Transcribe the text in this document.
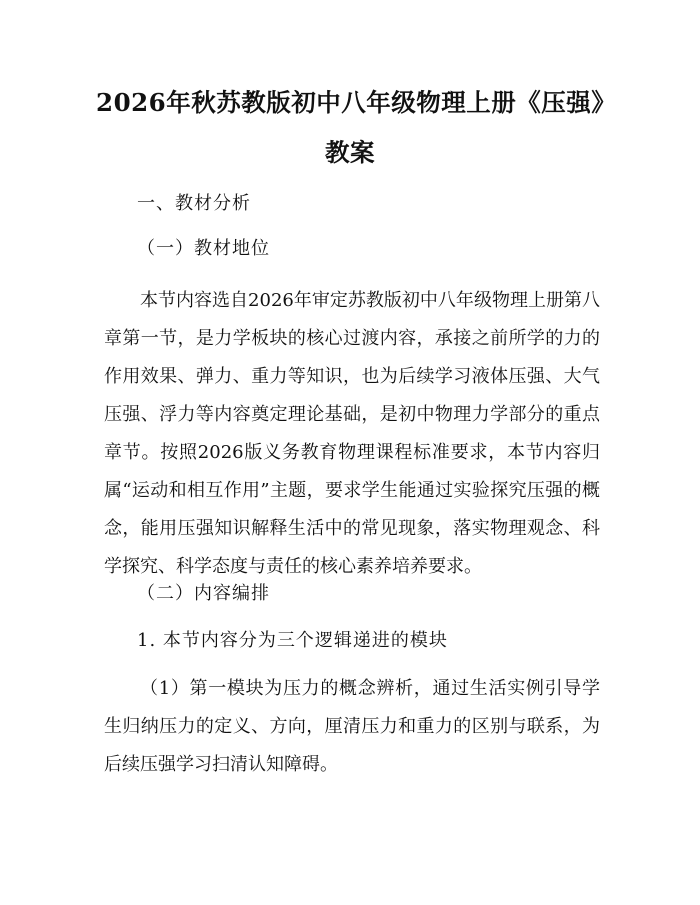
2026年秋苏教版初中八年级物理上册《压强》教案
一、教材分析
（一）教材地位

本节内容选自2026年审定苏教版初中八年级物理上册第八章第一节，是力学板块的核心过渡内容，承接之前所学的力的作用效果、弹力、重力等知识，也为后续学习液体压强、大气压强、浮力等内容奠定理论基础，是初中物理力学部分的重点章节。按照2026版义务教育物理课程标准要求，本节内容归属“运动和相互作用”主题，要求学生能通过实验探究压强的概念，能用压强知识解释生活中的常见现象，落实物理观念、科学探究、科学态度与责任的核心素养培养要求。

（二）内容编排
1. 本节内容分为三个逻辑递进的模块

（1）第一模块为压力的概念辨析，通过生活实例引导学生归纳压力的定义、方向，厘清压力和重力的区别与联系，为后续压强学习扫清认知障碍。
